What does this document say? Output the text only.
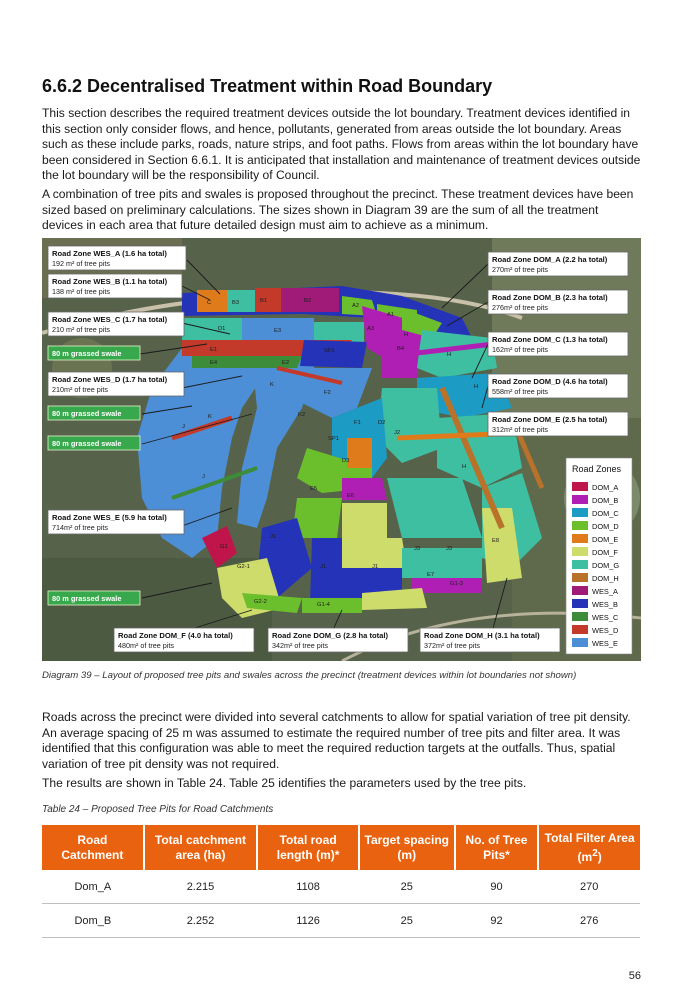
6.6.2 Decentralised Treatment within Road Boundary

This section describes the required treatment devices outside the lot boundary. Treatment devices identified in this section only consider flows, and hence, pollutants, generated from areas outside the lot boundary. Areas such as these include parks, roads, nature strips, and foot paths. Flows from areas within the lot boundary have been considered in Section 6.6.1. It is anticipated that installation and maintenance of treatment devices outside the lot boundary will be the responsibility of Council.

A combination of tree pits and swales is proposed throughout the precinct. These treatment devices have been sized based on preliminary calculations. The sizes shown in Diagram 39 are the sum of all the treatment devices in each area that future detailed design must aim to achieve as a minimum.

C	B3	B1	B2
A2
A1
A3
D1	E3
E1
E4	E2
SF1	B4
H
H
H
H
K
K	K2
J
J
J1
J1	J1
J2
J3	J3
F1
F2
D2
D3
E5
E6
G1
G2-1
G2-2
G1-3
G1-4
E7
E8
SP1
Road Zone WES_A (1.6 ha total)
192 m² of tree pits
Road Zone WES_B (1.1 ha total)
138 m² of tree pits
Road Zone WES_C (1.7 ha total)
210 m² of tree pits
80 m grassed swale
Road Zone WES_D (1.7 ha total)
210m² of tree pits
80 m grassed swale
80 m grassed swale
Road Zone WES_E (5.9 ha total)
714m² of tree pits
80 m grassed swale
Road Zone DOM_A (2.2 ha total)
270m² of tree pits
Road Zone DOM_B (2.3 ha total)
276m² of tree pits
Road Zone DOM_C (1.3 ha total)
162m² of tree pits
Road Zone DOM_D (4.6 ha total)
558m² of tree pits
Road Zone DOM_E (2.5 ha total)
312m² of tree pits
Road Zone DOM_F (4.0 ha total)
480m² of tree pits
Road Zone DOM_G (2.8 ha total)
342m² of tree pits
Road Zone DOM_H (3.1 ha total)
372m² of tree pits
Road Zones
DOM_A
DOM_B
DOM_C
DOM_D
DOM_E
DOM_F
DOM_G
DOM_H
WES_A
WES_B
WES_C
WES_D
WES_E

Diagram 39 – Layout of proposed tree pits and swales across the precinct (treatment devices within lot boundaries not shown)

Roads across the precinct were divided into several catchments to allow for spatial variation of tree pit density. An average spacing of 25 m was assumed to estimate the required number of tree pits and filter area. It was identified that this configuration was able to meet the required reduction targets at the outfalls. Thus, spatial variation of tree pit density was not required.

The results are shown in Table 24. Table 25 identifies the parameters used by the tree pits.

Table 24 – Proposed Tree Pits for Road Catchments

Road Catchment	Total catchment area (ha)	Total road length (m)*	Target spacing (m)	No. of Tree Pits*	Total Filter Area $(m^2)$
Dom_A	2.215	1108	25	90	270
Dom_B	2.252	1126	25	92	276

56
